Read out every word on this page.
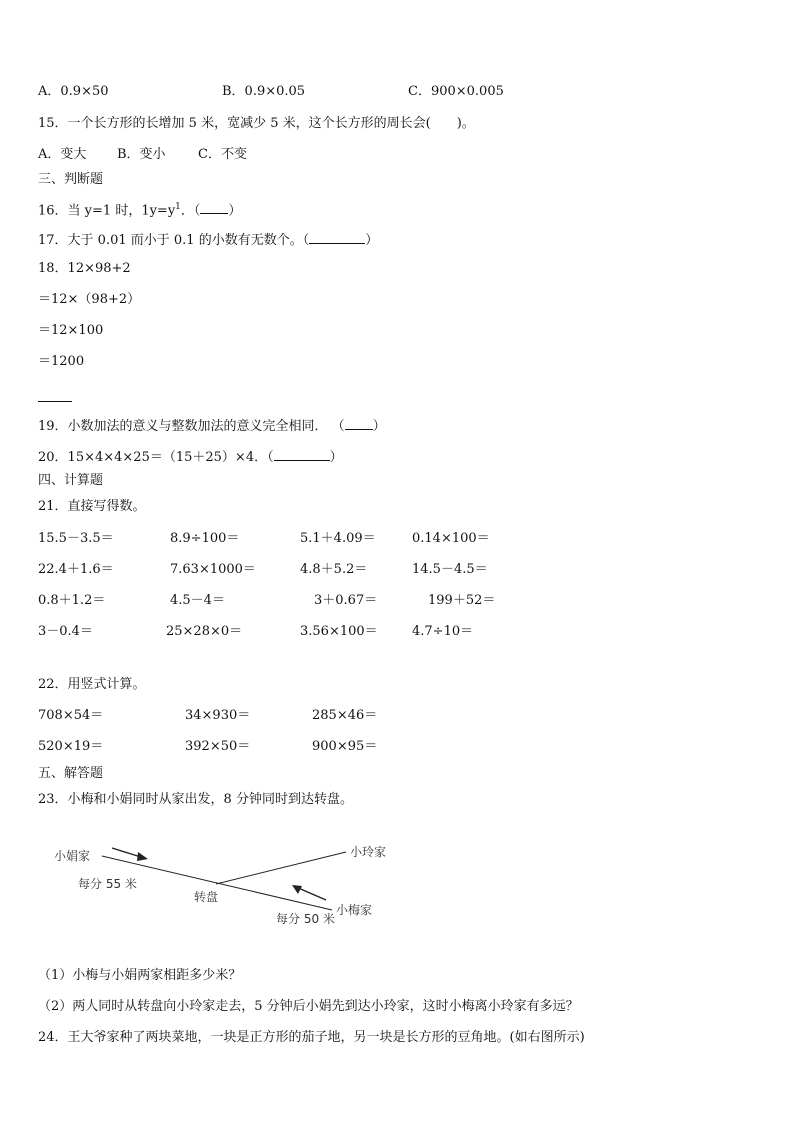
A．0.9×50	B．0.9×0.05	C．900×0.005
15．一个长方形的长增加 5 米，宽减少 5 米，这个长方形的周长会( )。
A．变大 B．变小 C．不变
三、判断题
16．当 y=1 时，$1y=y^1$．（ ）
17．大于 0.01 而小于 0.1 的小数有无数个。（	）
18．12×98+2
＝12×（98+2）
＝12×100
＝1200
19．小数加法的意义与整数加法的意义完全相同． （ ）
20．15×4×4×25＝（15＋25）×4．（	）
四、计算题
21．直接写得数。
15.5－3.5＝	8.9÷100＝	5.1＋4.09＝	0.14×100＝
22.4＋1.6＝	7.63×1000＝	4.8＋5.2＝	14.5－4.5＝
0.8＋1.2＝	4.5－4＝	3＋0.67＝	199＋52＝
3－0.4＝	25×28×0＝	3.56×100＝	4.7÷10＝
22．用竖式计算。
708×54＝	34×930＝	285×46＝
520×19＝	392×50＝	900×95＝
五、解答题
23．小梅和小娟同时从家出发，8 分钟同时到达转盘。
小娟家	小玲家
小梅家
转盘
每分 55 米
每分 50 米
（1）小梅与小娟两家相距多少米？
（2）两人同时从转盘向小玲家走去，5 分钟后小娟先到达小玲家，这时小梅离小玲家有多远？
24．王大爷家种了两块菜地，一块是正方形的茄子地，另一块是长方形的豆角地。(如右图所示)
